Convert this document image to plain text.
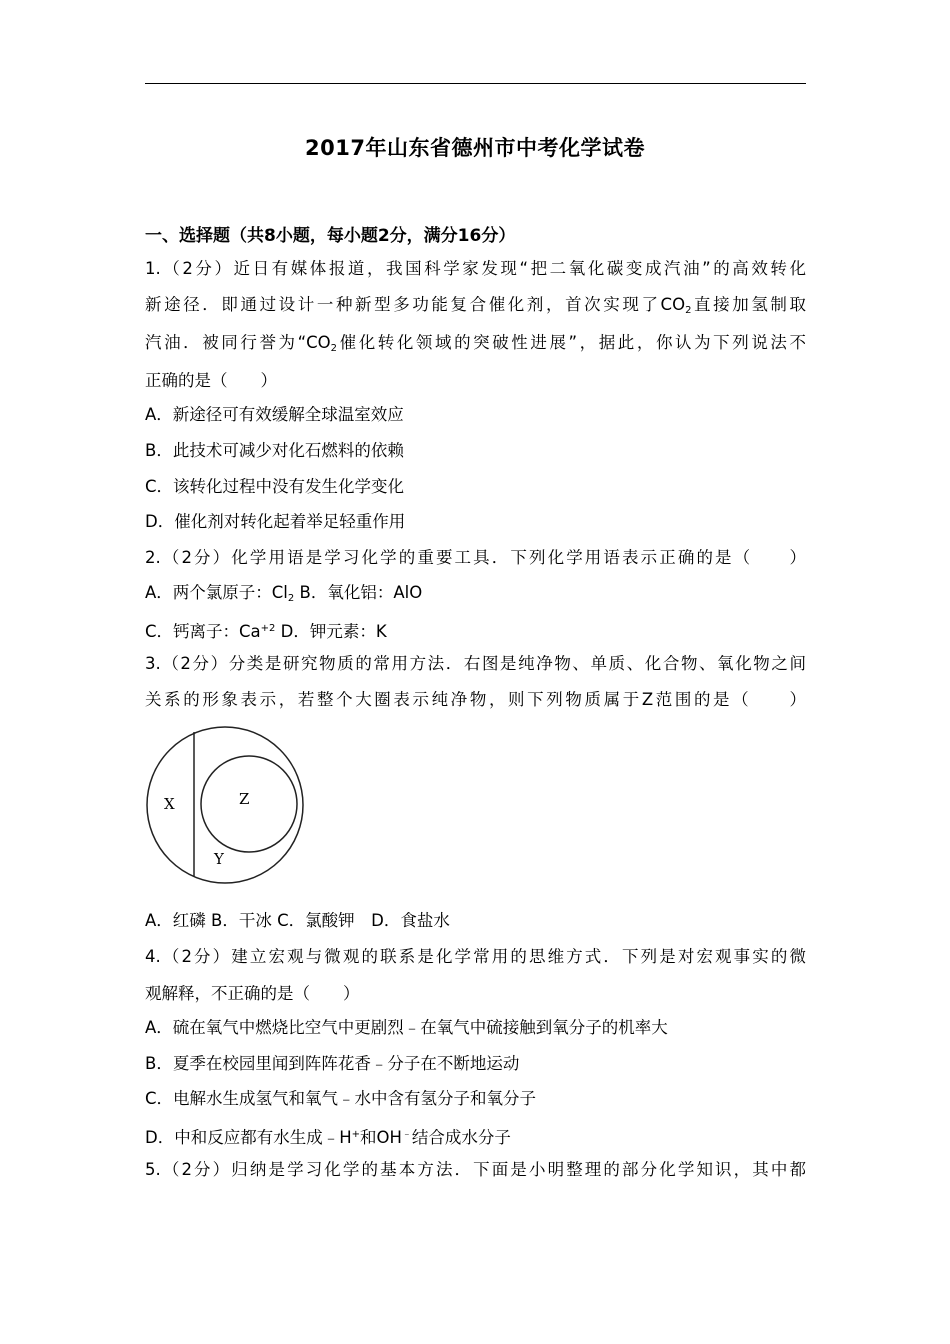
2017年山东省德州市中考化学试卷
一、选择题（共8小题，每小题2分，满分16分）
1.（2分）近日有媒体报道，我国科学家发现“把二氧化碳变成汽油”的高效转化
新途径．即通过设计一种新型多功能复合催化剂，首次实现了$CO_2$直接加氢制取
汽油．被同行誉为“$CO_2$催化转化领域的突破性进展”，据此，你认为下列说法不
正确的是（　　）
A．新途径可有效缓解全球温室效应
B．此技术可减少对化石燃料的依赖
C．该转化过程中没有发生化学变化
D．催化剂对转化起着举足轻重作用
2.（2分）化学用语是学习化学的重要工具．下列化学用语表示正确的是（　　）
A．两个氯原子：$Cl_2$ B．氧化铝：AlO
C．钙离子：$Ca^{+2}$ D．钾元素：K
3.（2分）分类是研究物质的常用方法．右图是纯净物、单质、化合物、氧化物之间
关系的形象表示，若整个大圈表示纯净物，则下列物质属于Z范围的是（　　）
X	Z
Y
A．红磷 B．干冰 C．氯酸钾　D．食盐水
4.（2分）建立宏观与微观的联系是化学常用的思维方式．下列是对宏观事实的微
观解释，不正确的是（　　）
A．硫在氧气中燃烧比空气中更剧烈﹣在氧气中硫接触到氧分子的机率大
B．夏季在校园里闻到阵阵花香﹣分子在不断地运动
C．电解水生成氢气和氧气﹣水中含有氢分子和氧分子
D．中和反应都有水生成﹣H+和OH﹣结合成水分子
5.（2分）归纳是学习化学的基本方法．下面是小明整理的部分化学知识，其中都
